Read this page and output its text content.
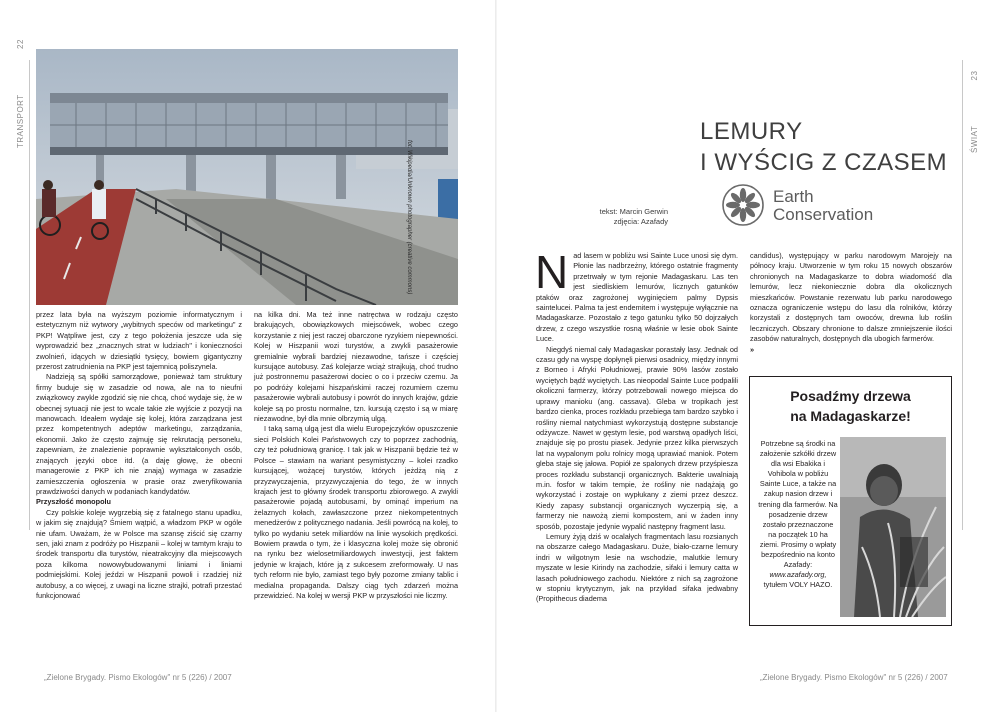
TRANSPORT  22
ŚWIAT  23
fot. Wikipedia/Unknown photographer (creative commons)

przez lata była na wyższym poziomie informatycznym i estetycznym niż wytwory „wybitnych speców od marketingu" z PKP! Wątpliwe jest, czy z tego położenia jeszcze uda się wyprowadzić bez „znacznych strat w ludziach" i konieczności zwolnień, idących w dziesiątki tysięcy, bowiem gigantyczny przerost zatrudnienia na PKP jest tajemnicą poliszynela.

Nadzieją są spółki samorządowe, ponieważ tam struktury firmy buduje się w zasadzie od nowa, ale na to nieufni związkowcy zwykle zgodzić się nie chcą, choć wydaje się, że w obecnej sytuacji nie jest to wcale takie złe wyjście z pozycji na manowcach. Ideałem wydaje się kolej, która zarządzana jest przez kompetentnych adeptów marketingu, zarządzania, ekonomii. Jako że często zajmuję się rekrutacją personelu, zapewniam, że znalezienie poprawnie wykształconych osób, znających języki obce itd. (a daję głowę, że obecni managerowie z PKP ich nie znają) wymaga w zasadzie zamieszczenia ogłoszenia w prasie oraz zweryfikowania prawdziwości danych w podaniach kandydatów.

Przyszłość monopolu

Czy polskie koleje wygrzebią się z fatalnego stanu upadku, w jakim się znajdują? Śmiem wątpić, a władzom PKP w ogóle nie ufam. Uważam, że w Polsce ma szansę ziścić się czarny sen, jaki znam z podróży po Hiszpanii – kolej w tamtym kraju to środek transportu dla turystów, nieatrakcyjny dla miejscowych poza kilkoma nowowybudowanymi liniami i liniami podmiejskimi. Kolej jeździ w Hiszpanii powoli i rzadziej niż autobusy, a co więcej, z uwagi na liczne strajki, potrafi przestać funkcjonować

na kilka dni. Ma też inne natręctwa w rodzaju często brakujących, obowiązkowych miejscówek, wobec czego korzystanie z niej jest raczej obarczone ryzykiem niepewności. Kolej w Hiszpanii wozi turystów, a zwykli pasażerowie gremialnie wybrali bardziej niezawodne, tańsze i częściej kursujące autobusy. Zaś kolejarze wciąż strajkują, choć trudno już postronnemu pasażerowi dociec o co i przeciw czemu. Ja po podróży kolejami hiszpańskimi raczej rozumiem czemu pasażerowie wybrali autobusy i powrót do innych krajów, gdzie koleje są po prostu normalne, tzn. kursują często i są w miarę niezawodne, był dla mnie olbrzymią ulgą.

I taką samą ulgą jest dla wielu Europejczyków opuszczenie sieci Polskich Kolei Państwowych czy to poprzez zachodnią, czy też południową granicę. I tak jak w Hiszpanii będzie też w Polsce – stawiam na wariant pesymistyczny – kolei rzadko kursującej, wożącej turystów, których jeżdżą nią z przyzwyczajenia, przyzwyczajenia do tego, że w innych krajach jest to główny środek transportu zbiorowego. A zwykli pasażerowie pojadą autobusami, by ominąć imperium na żelaznych kołach, zawłaszczone przez niekompetentnych menedżerów z politycznego nadania. Jeśli powrócą na kolej, to tylko po wydaniu setek miliardów na linie wysokich prędkości. Bowiem prawda o tym, że i klasyczna kolej może się obronić na rynku bez wielosetmiliardowych inwestycji, jest faktem jedynie w krajach, które ją z sukcesem zreformowały. U nas tych reform nie było, zamiast tego były pozorne zmiany tablic i medialna propaganda. Dalszy ciąg tych zdarzeń można przewidzieć. Na kolej w wersji PKP w przyszłości nie liczmy.

LEMURY
I WYŚCIG Z CZASEM
tekst: Marcin Gerwin
zdjęcia: Azafady
Earth
Conservation
N ad lasem w pobliżu wsi Sainte Luce unosi się dym. Płonie las nadbrzeżny, którego ostatnie fragmenty przetrwały w tym rejonie Madagaskaru. Las ten jest siedliskiem lemurów, licznych gatunków ptaków oraz zagrożonej wyginięciem palmy Dypsis saintelucei. Palma ta jest endemitem i występuje wyłącznie na Madagaskarze. Pozostało z tego gatunku tylko 50 dojrzałych drzew, z czego wszystkie rosną właśnie w lesie obok Sainte Luce.

Niegdyś niemal cały Madagaskar porastały lasy. Jednak od czasu gdy na wyspę dopłynęli pierwsi osadnicy, między innymi z Borneo i Afryki Południowej, prawie 90% lasów zostało wyciętych bądź wyciętych. Las nieopodal Sainte Luce podpalili okoliczni farmerzy, którzy potrzebowali nowego miejsca do uprawy manioku (ang. cassava). Gleba w tropikach jest bardzo cienka, proces rozkładu przebiega tam bardzo szybko i rośliny niemal natychmiast wykorzystują dostępne substancje odżywcze. Nawet w gęstym lesie, pod warstwą opadłych liści, znajduje się po prostu piasek. Jedynie przez kilka pierwszych lat na wypalonym polu rolnicy mogą uprawiać maniok. Potem gleba staje się jałowa. Popiół ze spalonych drzew przyśpiesza proces rozkładu substancji organicznych. Bakterie uwalniają m.in. fosfor w takim tempie, że rośliny nie nadążają go wykorzystać i zostaje on wypłukany z ziemi przez deszcz. Kiedy zapasy substancji organicznych wyczerpią się, a farmerzy nie nawożą ziemi kompostem, ani w żaden inny sposób, pozostaje jedynie wypalić następny fragment lasu.

Lemury żyją dziś w ocalałych fragmentach lasu rozsianych na obszarze całego Madagaskaru. Duże, biało-czarne lemury indri w wilgotnym lesie na wschodzie, malutkie lemury myszate w lesie Kirindy na zachodzie, sifaki i lemury catta w lasach południowego zachodu. Niektóre z nich są zagrożone w stopniu krytycznym, jak na przykład sifaka jedwabny (Propithecus diadema

candidus), występujący w parku narodowym Marojejy na północy kraju. Utworzenie w tym roku 15 nowych obszarów chronionych na Madagaskarze to dobra wiadomość dla lemurów, lecz niekoniecznie dobra dla okolicznych mieszkańców. Powstanie rezerwatu lub parku narodowego oznacza ograniczenie wstępu do lasu dla rolników, którzy korzystali z dostępnych tam owoców, drewna lub roślin leczniczych. Obszary chronione to dalsze zmniejszenie ilości zasobów naturalnych, dostępnych dla ubogich farmerów.»

Posadźmy drzewa
na Madagaskarze!
Potrzebne są środki na założenie szkółki drzew dla wsi Ebakika i Vohibola w pobliżu Sainte Luce, a także na zakup nasion drzew i trening dla farmerów. Na posadzenie drzew zostało przeznaczone na początek 10 ha ziemi. Prosimy o wpłaty bezpośrednio na konto Azafady: www.azafady.org, tytułem VOLY HAZO.
„Zielone Brygady. Pismo Ekologów" nr 5 (226) / 2007	„Zielone Brygady. Pismo Ekologów" nr 5 (226) / 2007
